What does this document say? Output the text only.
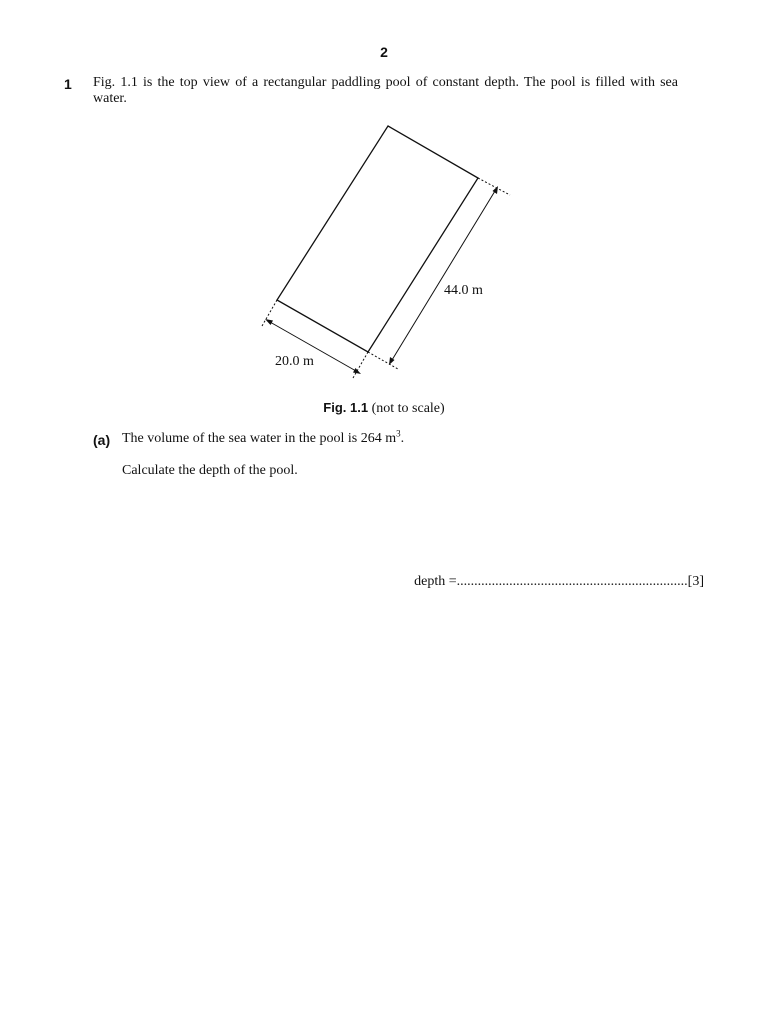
2
1 Fig. 1.1 is the top view of a rectangular paddling pool of constant depth. The pool is filled with sea water.
20.0 m
44.0 m
Fig. 1.1 (not to scale)
(a) The volume of the sea water in the pool is 264 $m^3$.
Calculate the depth of the pool.
depth =..................................................................[3]
